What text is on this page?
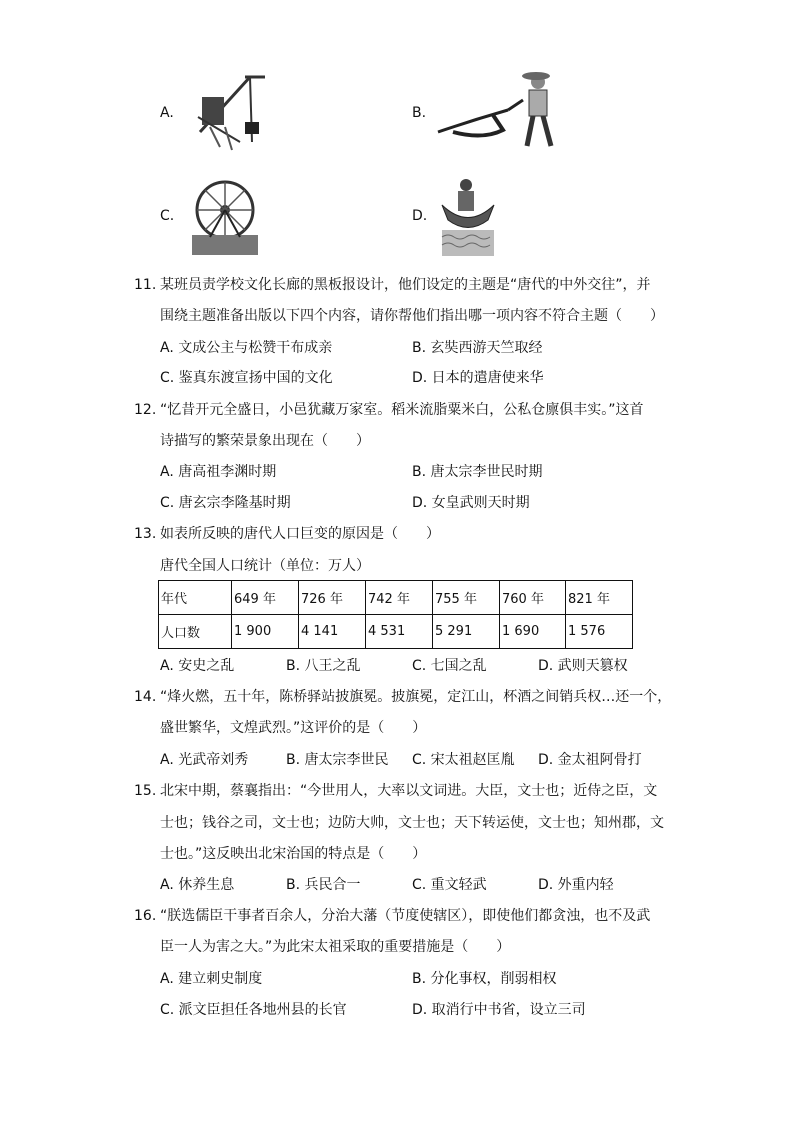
A.	B.
C.	D.
11. 某班员责学校文化长廊的黑板报设计，他们设定的主题是“唐代的中外交往”，并
围绕主题准备出版以下四个内容，请你帮他们指出哪一项内容不符合主题（　　）
A. 文成公主与松赞干布成亲	B. 玄奘西游天竺取经
C. 鉴真东渡宣扬中国的文化	D. 日本的遣唐使来华
12. “忆昔开元全盛日，小邑犹藏万家室。稻米流脂粟米白，公私仓廪俱丰实。”这首
诗描写的繁荣景象出现在（　　）
A. 唐高祖李渊时期	B. 唐太宗李世民时期
C. 唐玄宗李隆基时期	D. 女皇武则天时期
13. 如表所反映的唐代人口巨变的原因是（　　）
唐代全国人口统计（单位：万人）
年代	649 年	726 年	742 年	755 年	760 年	821 年
人口数	1 900	4 141	4 531	5 291	1 690	1 576
A. 安史之乱	B. 八王之乱	C. 七国之乱	D. 武则天篡权
14. “烽火燃，五十年，陈桥驿站披旗冕。披旗冕，定江山，杯酒之间销兵权…还一个，
盛世繁华，文煌武烈。”这评价的是（　　）
A. 光武帝刘秀	B. 唐太宗李世民 C. 宋太祖赵匡胤 D. 金太祖阿骨打
15. 北宋中期，蔡襄指出：“今世用人，大率以文词进。大臣，文士也；近侍之臣，文
士也；钱谷之司，文士也；边防大帅，文士也；天下转运使，文士也；知州郡，文
士也。”这反映出北宋治国的特点是（　　）
A. 休养生息	B. 兵民合一	C. 重文轻武	D. 外重内轻
16. “朕选儒臣干事者百余人，分治大藩（节度使辖区），即使他们都贪浊，也不及武
臣一人为害之大。”为此宋太祖采取的重要措施是（　　）
A. 建立刺史制度	B. 分化事权，削弱相权
C. 派文臣担任各地州县的长官	D. 取消行中书省，设立三司
